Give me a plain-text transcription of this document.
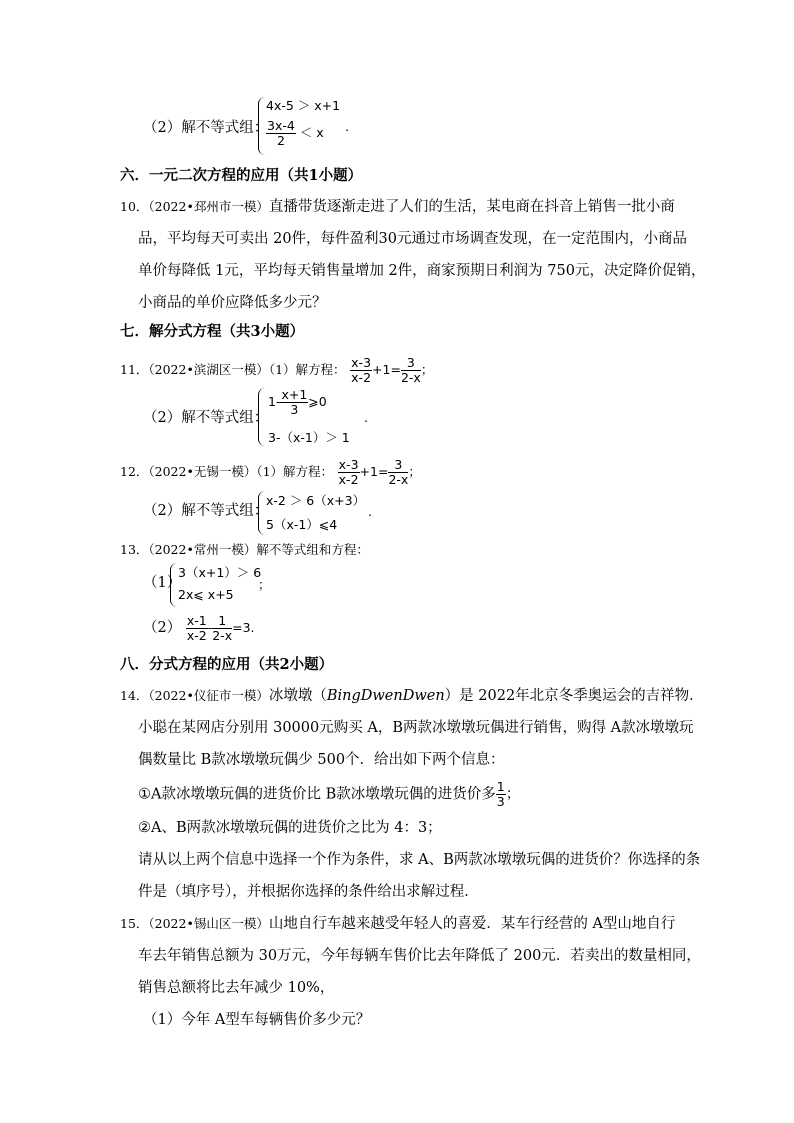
（2）解不等式组：
4x-5 ＞ x+1
$\frac{3x-4}{2} < x$ .
六．一元二次方程的应用（共1小题）
10．（2022•邳州市一模）直播带货逐渐走进了人们的生活，某电商在抖音上销售一批小商
品，平均每天可卖出 20件，每件盈利30元通过市场调查发现，在一定范围内，小商品
单价每降低 1元，平均每天销售量增加 2件，商家预期日利润为 750元，决定降价促销，
小商品的单价应降低多少元？
七．解分式方程（共3小题）
11．（2022•滨湖区一模）（1）解方程： $\frac{x-3}{x-2} +1= \frac{3}{2-x}$ ；
（2）解不等式组：
$1- \frac{x+1}{3}$ ⩾0
3-（x-1）＞ 1
.
12．（2022•无锡一模）（1）解方程： $\frac{x-3}{x-2} +1= \frac{3}{2-x}$ ；
（2）解不等式组：
x-2 ＞ 6（x+3）
5（x-1）⩽4
.
13．（2022•常州一模）解不等式组和方程：
（1）
3（x+1）＞ 6
2x⩽ x+5
；
$(2) \frac{x-1}{x-2} - \frac{1}{2-x} =3$.
八．分式方程的应用（共2小题）
14．（2022•仪征市一模）冰墩墩（BingDwenDwen）是 2022年北京冬季奥运会的吉祥物．
小聪在某网店分别用 30000元购买 A，B两款冰墩墩玩偶进行销售，购得 A款冰墩墩玩
偶数量比 B款冰墩墩玩偶少 500个．给出如下两个信息：
①A款冰墩墩玩偶的进货价比 B款冰墩墩玩偶的进货价多 $\frac{1}{3}$ ；
②A、B两款冰墩墩玩偶的进货价之比为 4：3；
请从以上两个信息中选择一个作为条件，求 A、B两款冰墩墩玩偶的进货价？你选择的条
件是（填序号），并根据你选择的条件给出求解过程．
15．（2022•锡山区一模）山地自行车越来越受年轻人的喜爱．某车行经营的 A型山地自行
车去年销售总额为 30万元，今年每辆车售价比去年降低了 200元．若卖出的数量相同，
销售总额将比去年减少 10%，
（1）今年 A型车每辆售价多少元？
